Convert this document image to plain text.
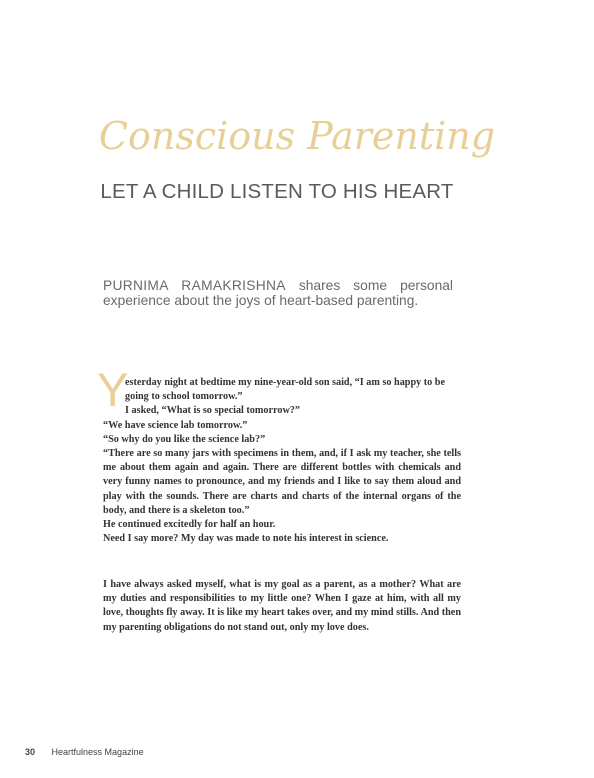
Conscious Parenting
LET A CHILD LISTEN TO HIS HEART

PURNIMA RAMAKRISHNA shares some personal experience about the joys of heart-based parenting.

Y

esterday night at bedtime my nine-year-old son said, “I am so happy to be going to school tomorrow.”

I asked, “What is so special tomorrow?”

“We have science lab tomorrow.”

“So why do you like the science lab?”

“There are so many jars with specimens in them, and, if I ask my teacher, she tells me about them again and again. There are different bottles with chemicals and very funny names to pronounce, and my friends and I like to say them aloud and play with the sounds. There are charts and charts of the internal organs of the body, and there is a skeleton too.”

He continued excitedly for half an hour.

Need I say more? My day was made to note his interest in science.

I have always asked myself, what is my goal as a parent, as a mother? What are my duties and responsibilities to my little one? When I gaze at him, with all my love, thoughts fly away. It is like my heart takes over, and my mind stills. And then my parenting obligations do not stand out, only my love does.

30 Heartfulness Magazine
